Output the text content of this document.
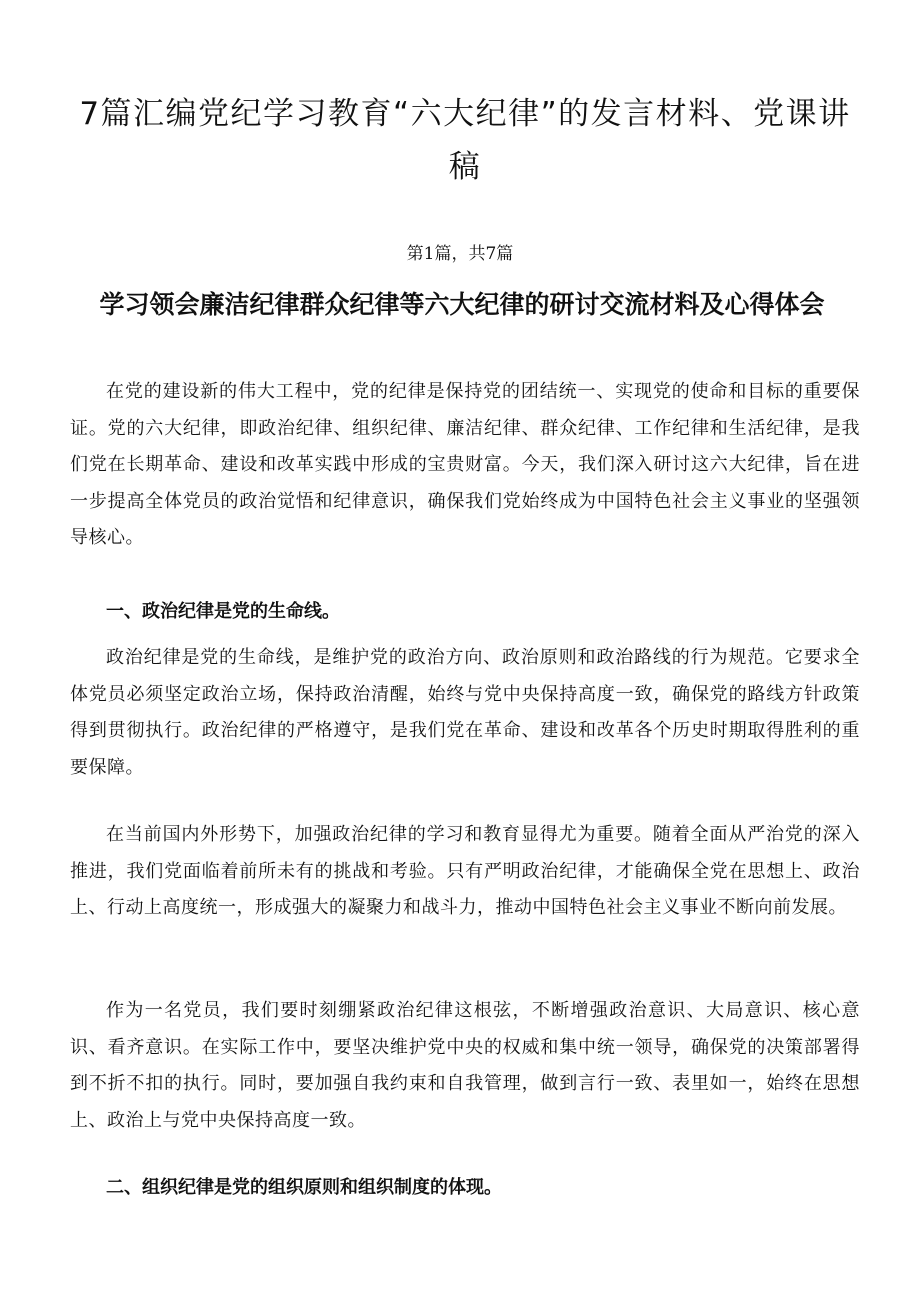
7篇汇编党纪学习教育“六大纪律”的发言材料、党课讲稿
第1篇，共7篇
学习领会廉洁纪律群众纪律等六大纪律的研讨交流材料及心得体会

在党的建设新的伟大工程中，党的纪律是保持党的团结统一、实现党的使命和目标的重要保证。党的六大纪律，即政治纪律、组织纪律、廉洁纪律、群众纪律、工作纪律和生活纪律，是我们党在长期革命、建设和改革实践中形成的宝贵财富。今天，我们深入研讨这六大纪律，旨在进一步提高全体党员的政治觉悟和纪律意识，确保我们党始终成为中国特色社会主义事业的坚强领导核心。

一、政治纪律是党的生命线。

政治纪律是党的生命线，是维护党的政治方向、政治原则和政治路线的行为规范。它要求全体党员必须坚定政治立场，保持政治清醒，始终与党中央保持高度一致，确保党的路线方针政策得到贯彻执行。政治纪律的严格遵守，是我们党在革命、建设和改革各个历史时期取得胜利的重要保障。

在当前国内外形势下，加强政治纪律的学习和教育显得尤为重要。随着全面从严治党的深入推进，我们党面临着前所未有的挑战和考验。只有严明政治纪律，才能确保全党在思想上、政治上、行动上高度统一，形成强大的凝聚力和战斗力，推动中国特色社会主义事业不断向前发展。

作为一名党员，我们要时刻绷紧政治纪律这根弦，不断增强政治意识、大局意识、核心意识、看齐意识。在实际工作中，要坚决维护党中央的权威和集中统一领导，确保党的决策部署得到不折不扣的执行。同时，要加强自我约束和自我管理，做到言行一致、表里如一，始终在思想上、政治上与党中央保持高度一致。

二、组织纪律是党的组织原则和组织制度的体现。
